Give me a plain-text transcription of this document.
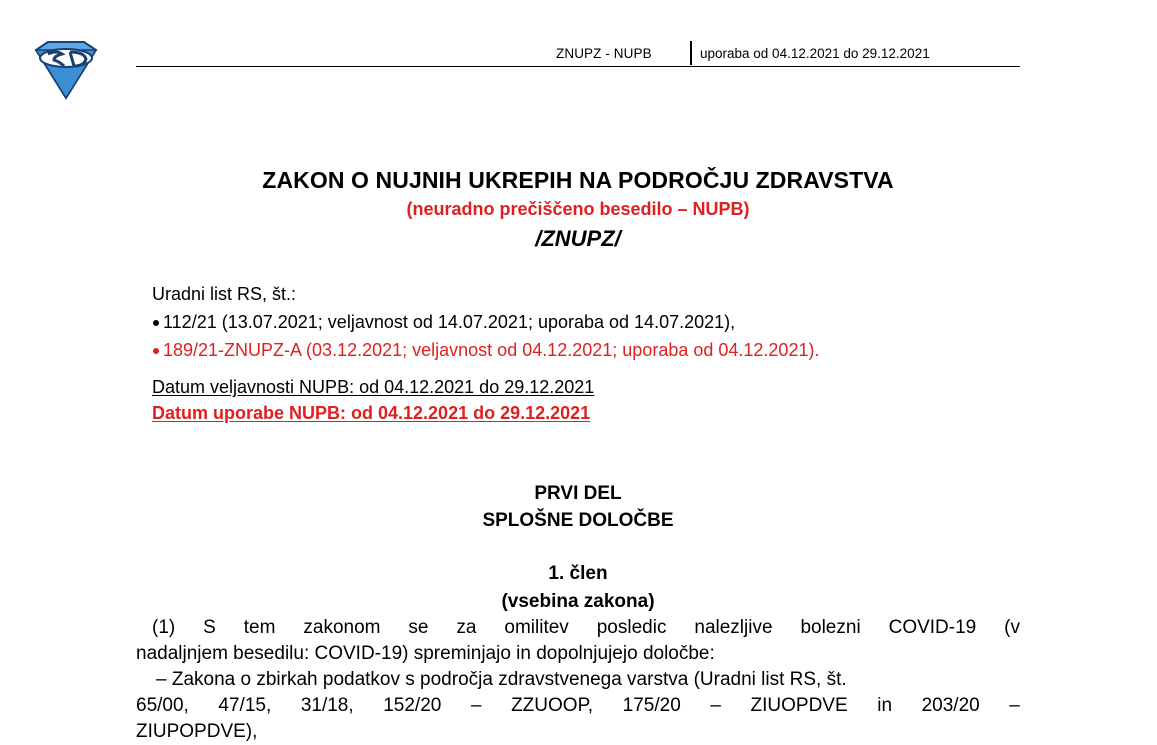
ZNUPZ - NUPB	uporaba od 04.12.2021 do 29.12.2021
ZAKON O NUJNIH UKREPIH NA PODROČJU ZDRAVSTVA
(neuradno prečiščeno besedilo – NUPB)
/ZNUPZ/
Uradni list RS, št.:
112/21 (13.07.2021; veljavnost od 14.07.2021; uporaba od 14.07.2021),
189/21-ZNUPZ-A (03.12.2021; veljavnost od 04.12.2021; uporaba od 04.12.2021).
Datum veljavnosti NUPB: od 04.12.2021 do 29.12.2021
Datum uporabe NUPB: od 04.12.2021 do 29.12.2021
PRVI DEL
SPLOŠNE DOLOČBE
1. člen
(vsebina zakona)
(1) S tem zakonom se za omilitev posledic nalezljive bolezni COVID-19 (v
nadaljnjem besedilu: COVID-19) spreminjajo in dopolnjujejo določbe:
– Zakona o zbirkah podatkov s področja zdravstvenega varstva (Uradni list RS, št.
65/00, 47/15, 31/18, 152/20 – ZZUOOP, 175/20 – ZIUOPDVE in 203/20 –
ZIUPOPDVE),
